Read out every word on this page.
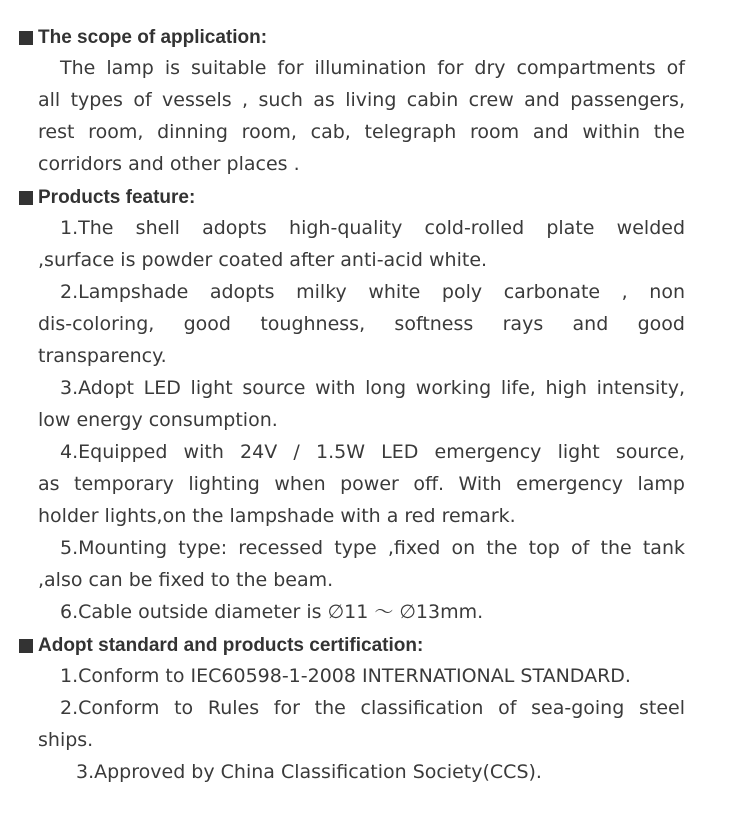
The scope of application:
The lamp is suitable for illumination for dry compartments of
all types of vessels , such as living cabin crew and passengers,
rest room, dinning room, cab, telegraph room and within the
corridors and other places .
Products feature:
1.The shell adopts high-quality cold-rolled plate welded
,surface is powder coated after anti-acid white.
2.Lampshade adopts milky white poly carbonate , non
dis-coloring, good toughness, softness rays and good
transparency.
3.Adopt LED light source with long working life, high intensity,
low energy consumption.
4.Equipped with 24V / 1.5W LED emergency light source,
as temporary lighting when power off. With emergency lamp
holder lights,on the lampshade with a red remark.
5.Mounting type: recessed type ,fixed on the top of the tank
,also can be fixed to the beam.
6.Cable outside diameter is ∅11 ～ ∅13mm.
Adopt standard and products certification:
1.Conform to IEC60598-1-2008 INTERNATIONAL STANDARD.
2.Conform to Rules for the classification of sea-going steel
ships.
3.Approved by China Classification Society(CCS).
